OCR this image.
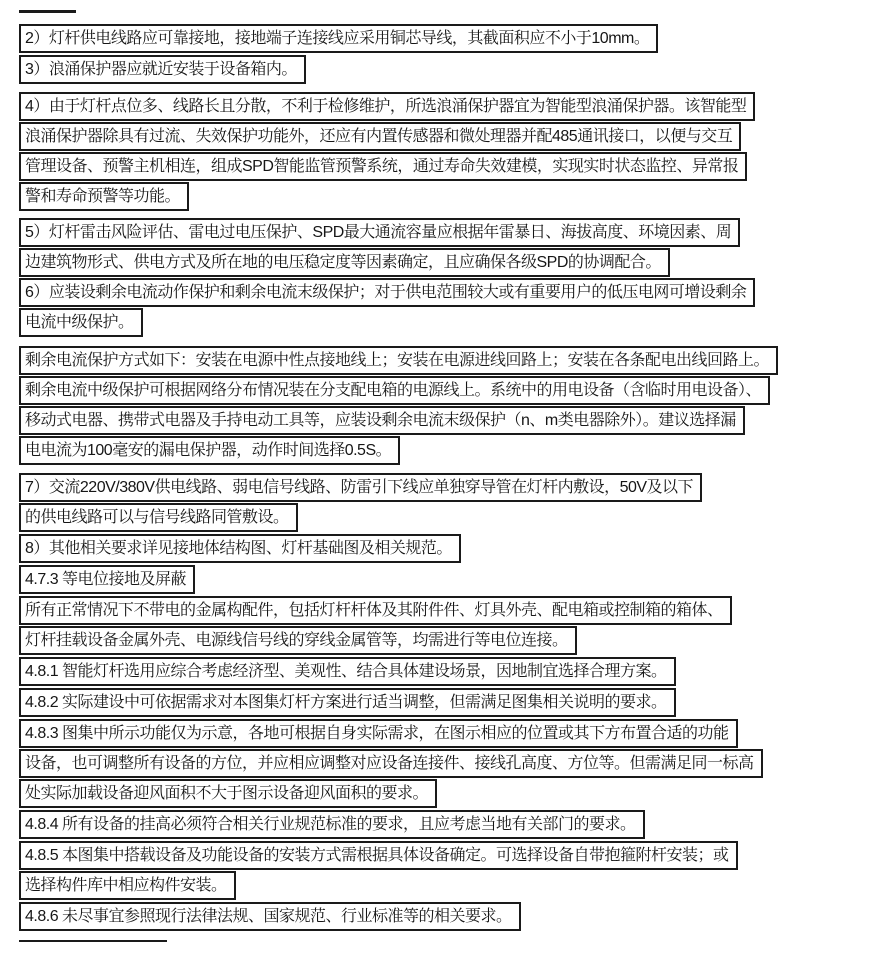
2）灯杆供电线路应可靠接地，接地端子连接线应采用铜芯导线，其截面积应不小于10mm。
3）浪涌保护器应就近安装于设备箱内。
4）由于灯杆点位多、线路长且分散，不利于检修维护，所选浪涌保护器宜为智能型浪涌保护器。该智能型
浪涌保护器除具有过流、失效保护功能外，还应有内置传感器和微处理器并配485通讯接口，以便与交互
管理设备、预警主机相连，组成SPD智能监管预警系统，通过寿命失效建模，实现实时状态监控、异常报
警和寿命预警等功能。
5）灯杆雷击风险评估、雷电过电压保护、SPD最大通流容量应根据年雷暴日、海拔高度、环境因素、周
边建筑物形式、供电方式及所在地的电压稳定度等因素确定，且应确保各级SPD的协调配合。
6）应装设剩余电流动作保护和剩余电流末级保护；对于供电范围较大或有重要用户的低压电网可增设剩余
电流中级保护。
剩余电流保护方式如下：安装在电源中性点接地线上；安装在电源进线回路上；安装在各条配电出线回路上。
剩余电流中级保护可根据网络分布情况装在分支配电箱的电源线上。系统中的用电设备（含临时用电设备）、
移动式电器、携带式电器及手持电动工具等，应装设剩余电流末级保护（n、m类电器除外）。建议选择漏
电电流为100毫安的漏电保护器，动作时间选择0.5S。
7）交流220V/380V供电线路、弱电信号线路、防雷引下线应单独穿导管在灯杆内敷设，50V及以下
的供电线路可以与信号线路同管敷设。
8）其他相关要求详见接地体结构图、灯杆基础图及相关规范。
4.7.3 等电位接地及屏蔽
所有正常情况下不带电的金属构配件，包括灯杆杆体及其附件件、灯具外壳、配电箱或控制箱的箱体、
灯杆挂载设备金属外壳、电源线信号线的穿线金属管等，均需进行等电位连接。
4.8.1 智能灯杆选用应综合考虑经济型、美观性、结合具体建设场景，因地制宜选择合理方案。
4.8.2 实际建设中可依据需求对本图集灯杆方案进行适当调整，但需满足图集相关说明的要求。
4.8.3 图集中所示功能仅为示意，各地可根据自身实际需求，在图示相应的位置或其下方布置合适的功能
设备，也可调整所有设备的方位，并应相应调整对应设备连接件、接线孔高度、方位等。但需满足同一标高
处实际加载设备迎风面积不大于图示设备迎风面积的要求。
4.8.4 所有设备的挂高必须符合相关行业规范标准的要求，且应考虑当地有关部门的要求。
4.8.5 本图集中搭载设备及功能设备的安装方式需根据具体设备确定。可选择设备自带抱箍附杆安装；或
选择构件库中相应构件安装。
4.8.6 未尽事宜参照现行法律法规、国家规范、行业标准等的相关要求。
